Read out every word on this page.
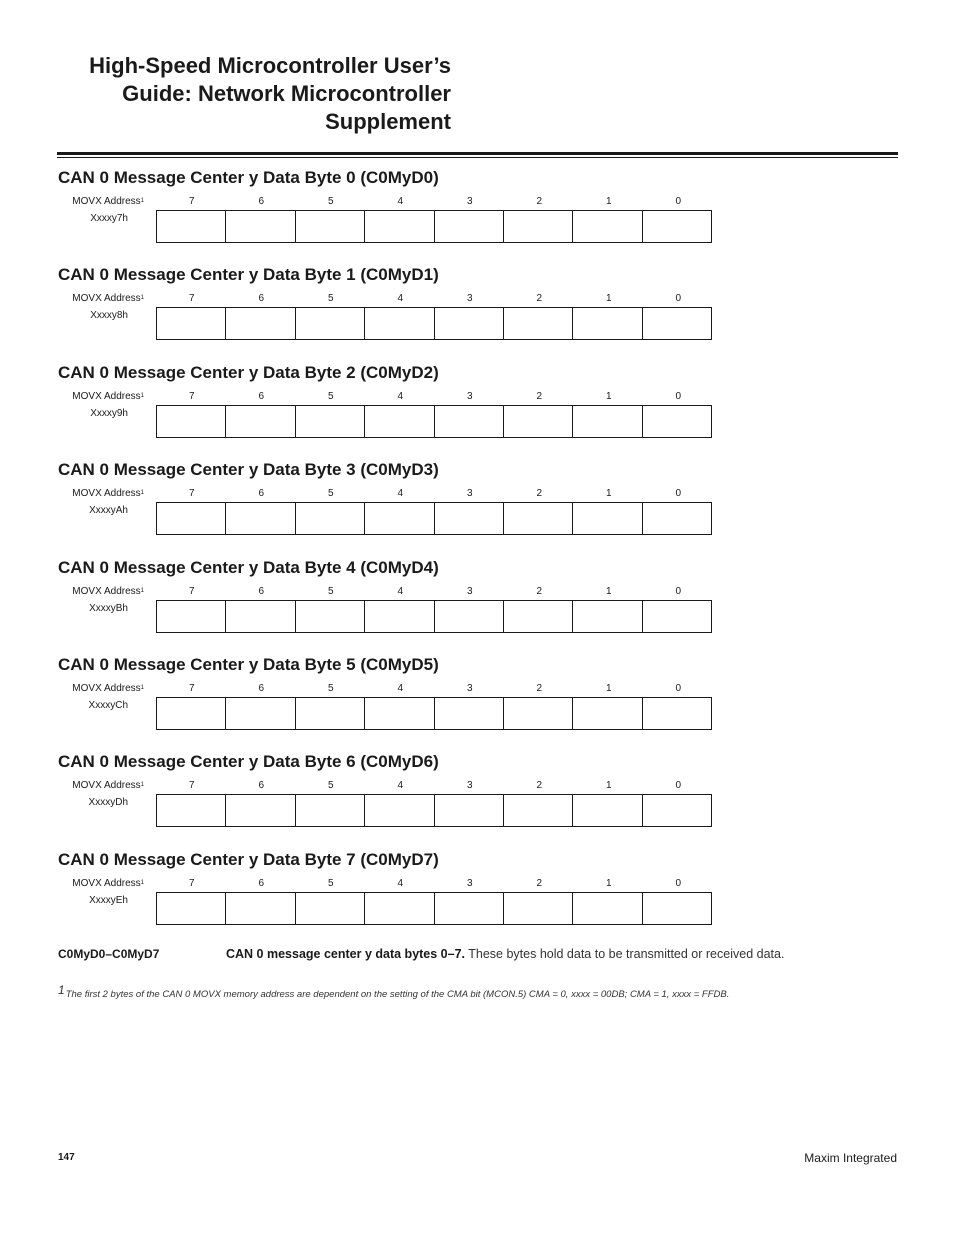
High-Speed Microcontroller User’s
Guide: Network Microcontroller
Supplement
CAN 0 Message Center y Data Byte 0 (C0MyD0)
MOVX Address$^1$
Xxxxy7h
7	6	5	4	3	2	1	0
CAN 0 Message Center y Data Byte 1 (C0MyD1)
MOVX Address$^1$
Xxxxy8h
7	6	5	4	3	2	1	0
CAN 0 Message Center y Data Byte 2 (C0MyD2)
MOVX Address$^1$
Xxxxy9h
7	6	5	4	3	2	1	0
CAN 0 Message Center y Data Byte 3 (C0MyD3)
MOVX Address$^1$
XxxxyAh
7	6	5	4	3	2	1	0
CAN 0 Message Center y Data Byte 4 (C0MyD4)
MOVX Address$^1$
XxxxyBh
7	6	5	4	3	2	1	0
CAN 0 Message Center y Data Byte 5 (C0MyD5)
MOVX Address$^1$
XxxxyCh
7	6	5	4	3	2	1	0
CAN 0 Message Center y Data Byte 6 (C0MyD6)
MOVX Address$^1$
XxxxyDh
7	6	5	4	3	2	1	0
CAN 0 Message Center y Data Byte 7 (C0MyD7)
MOVX Address$^1$
XxxxyEh
7	6	5	4	3	2	1	0
C0MyD0–C0MyD7	CAN 0 message center y data bytes 0–7. These bytes hold data to be transmitted or received data.
1The first 2 bytes of the CAN 0 MOVX memory address are dependent on the setting of the CMA bit (MCON.5) CMA = 0, xxxx = 00DB; CMA = 1, xxxx = FFDB.
147	Maxim Integrated
